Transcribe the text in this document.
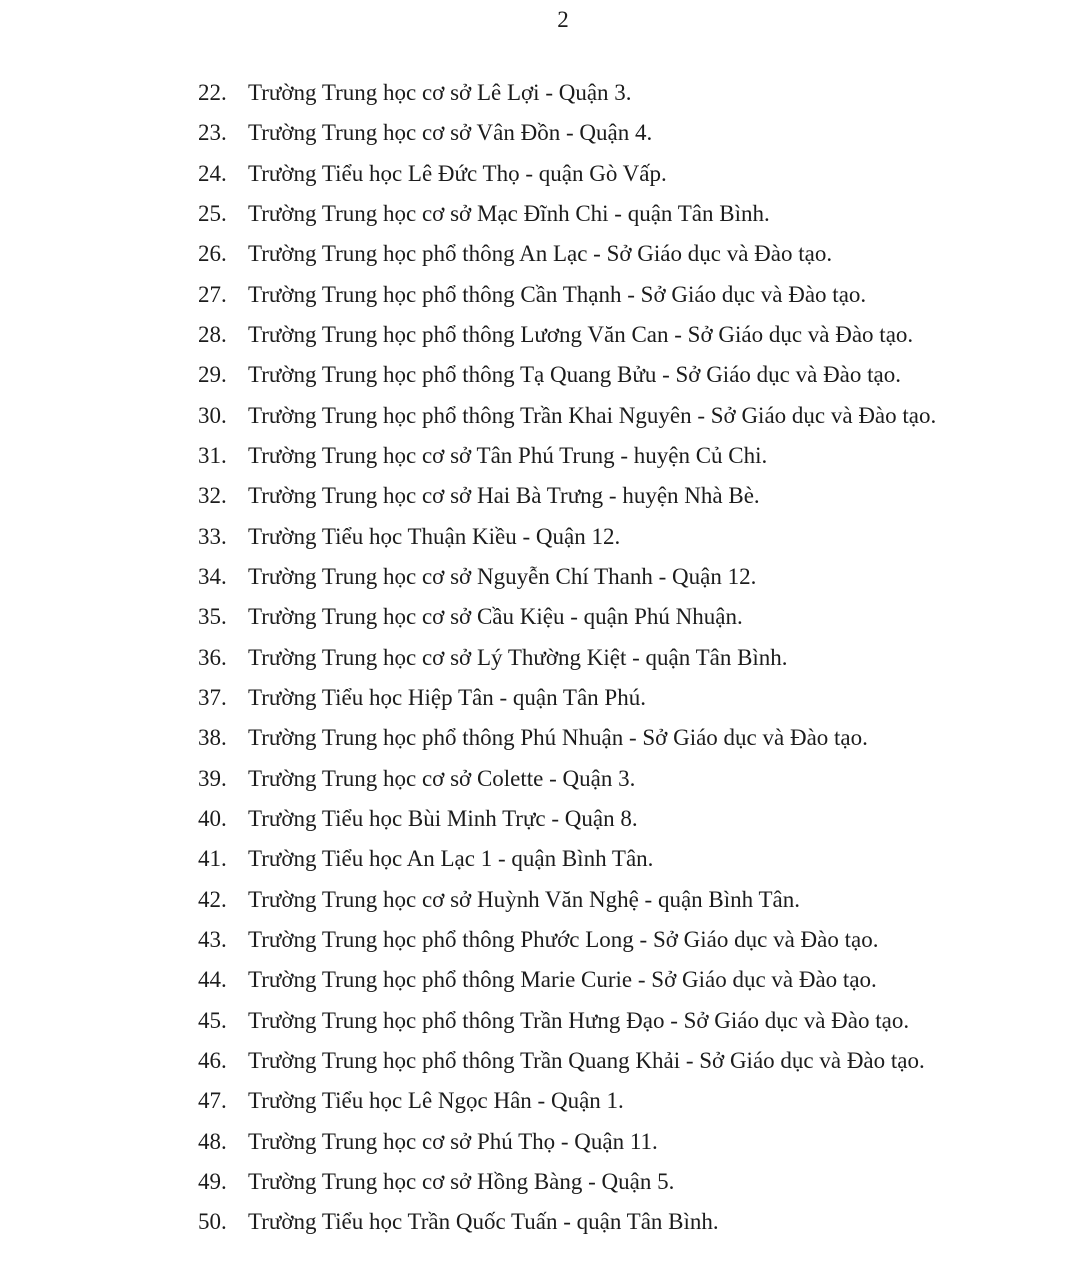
2
22. Trường Trung học cơ sở Lê Lợi - Quận 3.
23. Trường Trung học cơ sở Vân Đồn - Quận 4.
24. Trường Tiểu học Lê Đức Thọ - quận Gò Vấp.
25. Trường Trung học cơ sở Mạc Đĩnh Chi - quận Tân Bình.
26. Trường Trung học phổ thông An Lạc - Sở Giáo dục và Đào tạo.
27. Trường Trung học phổ thông Cần Thạnh - Sở Giáo dục và Đào tạo.
28. Trường Trung học phổ thông Lương Văn Can - Sở Giáo dục và Đào tạo.
29. Trường Trung học phổ thông Tạ Quang Bửu - Sở Giáo dục và Đào tạo.
30. Trường Trung học phổ thông Trần Khai Nguyên - Sở Giáo dục và Đào tạo.
31. Trường Trung học cơ sở Tân Phú Trung - huyện Củ Chi.
32. Trường Trung học cơ sở Hai Bà Trưng - huyện Nhà Bè.
33. Trường Tiểu học Thuận Kiều - Quận 12.
34. Trường Trung học cơ sở Nguyễn Chí Thanh - Quận 12.
35. Trường Trung học cơ sở Cầu Kiệu - quận Phú Nhuận.
36. Trường Trung học cơ sở Lý Thường Kiệt - quận Tân Bình.
37. Trường Tiểu học Hiệp Tân - quận Tân Phú.
38. Trường Trung học phổ thông Phú Nhuận - Sở Giáo dục và Đào tạo.
39. Trường Trung học cơ sở Colette - Quận 3.
40. Trường Tiểu học Bùi Minh Trực - Quận 8.
41. Trường Tiểu học An Lạc 1 - quận Bình Tân.
42. Trường Trung học cơ sở Huỳnh Văn Nghệ - quận Bình Tân.
43. Trường Trung học phổ thông Phước Long - Sở Giáo dục và Đào tạo.
44. Trường Trung học phổ thông Marie Curie - Sở Giáo dục và Đào tạo.
45. Trường Trung học phổ thông Trần Hưng Đạo - Sở Giáo dục và Đào tạo.
46. Trường Trung học phổ thông Trần Quang Khải - Sở Giáo dục và Đào tạo.
47. Trường Tiểu học Lê Ngọc Hân - Quận 1.
48. Trường Trung học cơ sở Phú Thọ - Quận 11.
49. Trường Trung học cơ sở Hồng Bàng - Quận 5.
50. Trường Tiểu học Trần Quốc Tuấn - quận Tân Bình.
